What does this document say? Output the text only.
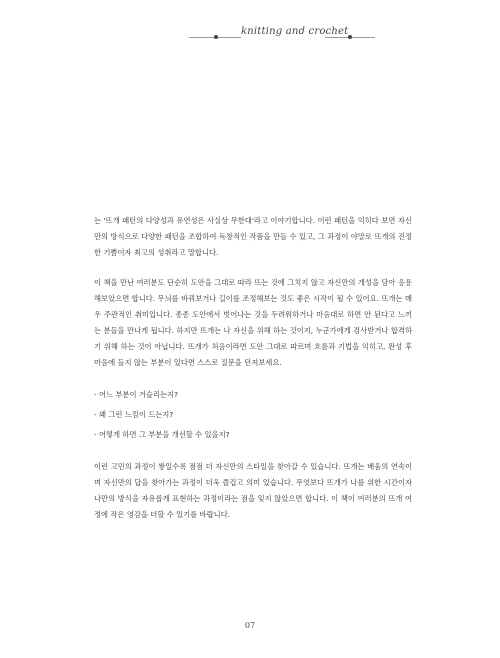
knitting and crochet

는 '뜨개 패턴의 다양성과 유연성은 사실상 무한대'라고 이야기합니다. 이런 패턴을 익히다 보면 자신만의 방식으로 다양한 패턴을 조합하여 독창적인 작품을 만들 수 있고, 그 과정이 야말로 뜨개의 진정한 기쁨이자 최고의 성취라고 말합니다.

이 책을 만난 여러분도 단순히 도안을 그대로 따라 뜨는 것에 그치지 않고 자신만의 개성을 담아 응용해보았으면 합니다. 무늬를 바꿔보거나 길이를 조정해보는 것도 좋은 시작이 될 수 있어요. 뜨개는 매우 주관적인 취미입니다. 종종 도안에서 벗어나는 것을 두려워하거나 마음대로 하면 안 된다고 느끼는 분들을 만나게 됩니다. 하지만 뜨개는 나 자신을 위해 하는 것이지, 누군가에게 검사받거나 합격하기 위해 하는 것이 아닙니다. 뜨개가 처음이라면 도안 그대로 따르며 흐름과 기법을 익히고, 완성 후 마음에 들지 않는 부분이 있다면 스스로 질문을 던져보세요.

- 어느 부분이 거슬리는지?
- 왜 그런 느낌이 드는지?
- 어떻게 하면 그 부분을 개선할 수 있을지?

이런 고민의 과정이 쌓일수록 점점 더 자신만의 스타일을 찾아갈 수 있습니다. 뜨개는 배움의 연속이며 자신만의 답을 찾아가는 과정이 더욱 즐겁고 의미 있습니다. 무엇보다 뜨개가 나를 위한 시간이자 나만의 방식을 자유롭게 표현하는 과정이라는 점을 잊지 않았으면 합니다. 이 책이 여러분의 뜨개 여정에 작은 영감을 더할 수 있기를 바랍니다.

07
